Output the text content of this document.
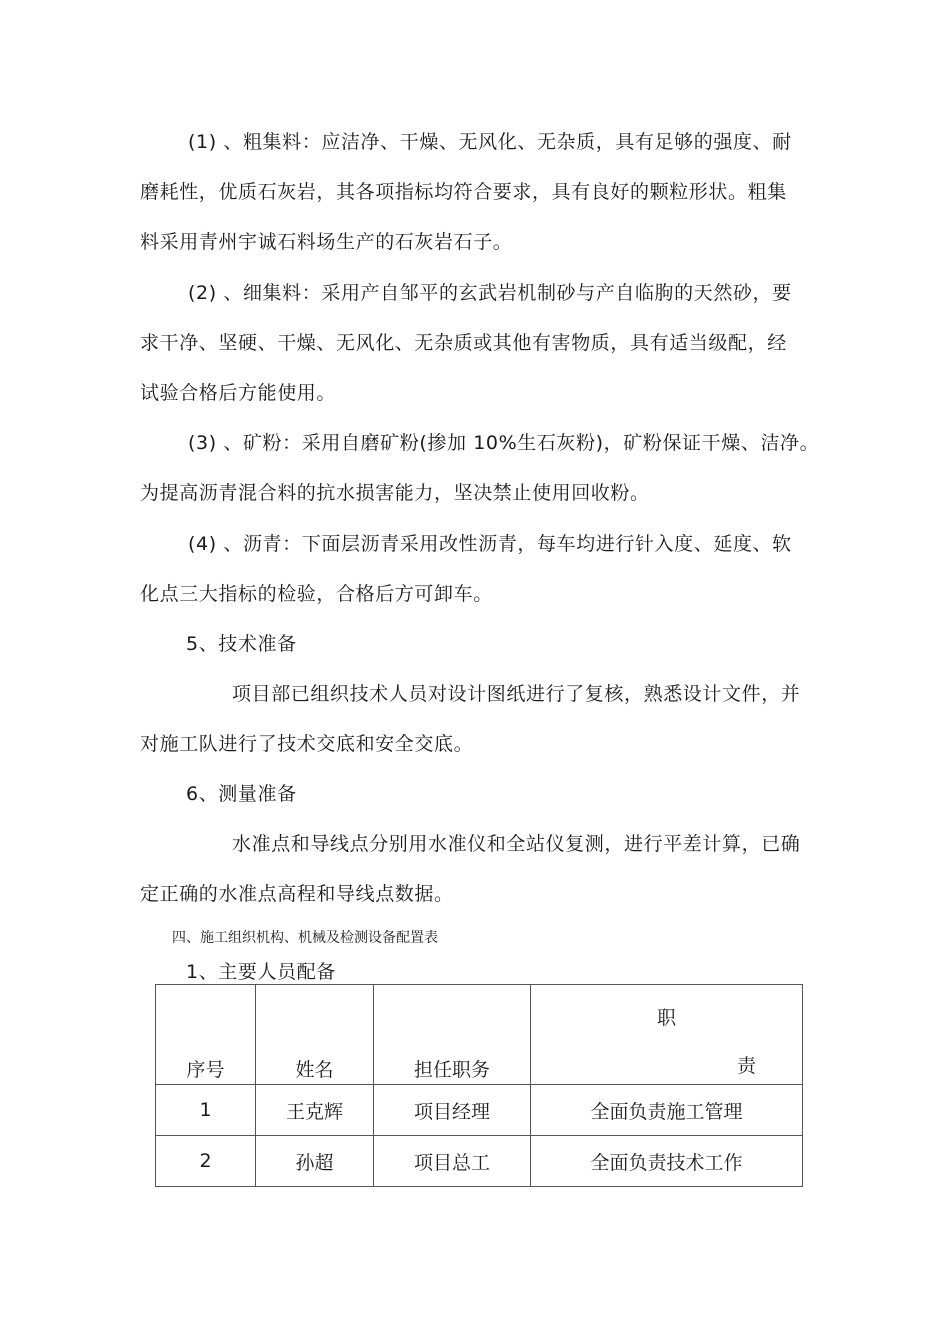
(1) 、粗集料：应洁净、干燥、无风化、无杂质，具有足够的强度、耐
磨耗性，优质石灰岩，其各项指标均符合要求，具有良好的颗粒形状。粗集
料采用青州宇诚石料场生产的石灰岩石子。
(2) 、细集料：采用产自邹平的玄武岩机制砂与产自临朐的天然砂，要
求干净、坚硬、干燥、无风化、无杂质或其他有害物质，具有适当级配，经
试验合格后方能使用。
(3) 、矿粉：采用自磨矿粉(掺加 10%生石灰粉)，矿粉保证干燥、洁净。
为提高沥青混合料的抗水损害能力，坚决禁止使用回收粉。
(4) 、沥青：下面层沥青采用改性沥青，每车均进行针入度、延度、软
化点三大指标的检验，合格后方可卸车。
5、技术准备
项目部已组织技术人员对设计图纸进行了复核，熟悉设计文件，并
对施工队进行了技术交底和安全交底。
6、测量准备
水准点和导线点分别用水准仪和全站仪复测，进行平差计算，已确
定正确的水准点高程和导线点数据。
四、施工组织机构、机械及检测设备配置表
1、主要人员配备
序号	姓名	担任职务	职
责

1	王克辉	项目经理	全面负责施工管理
2	孙超	项目总工	全面负责技术工作
